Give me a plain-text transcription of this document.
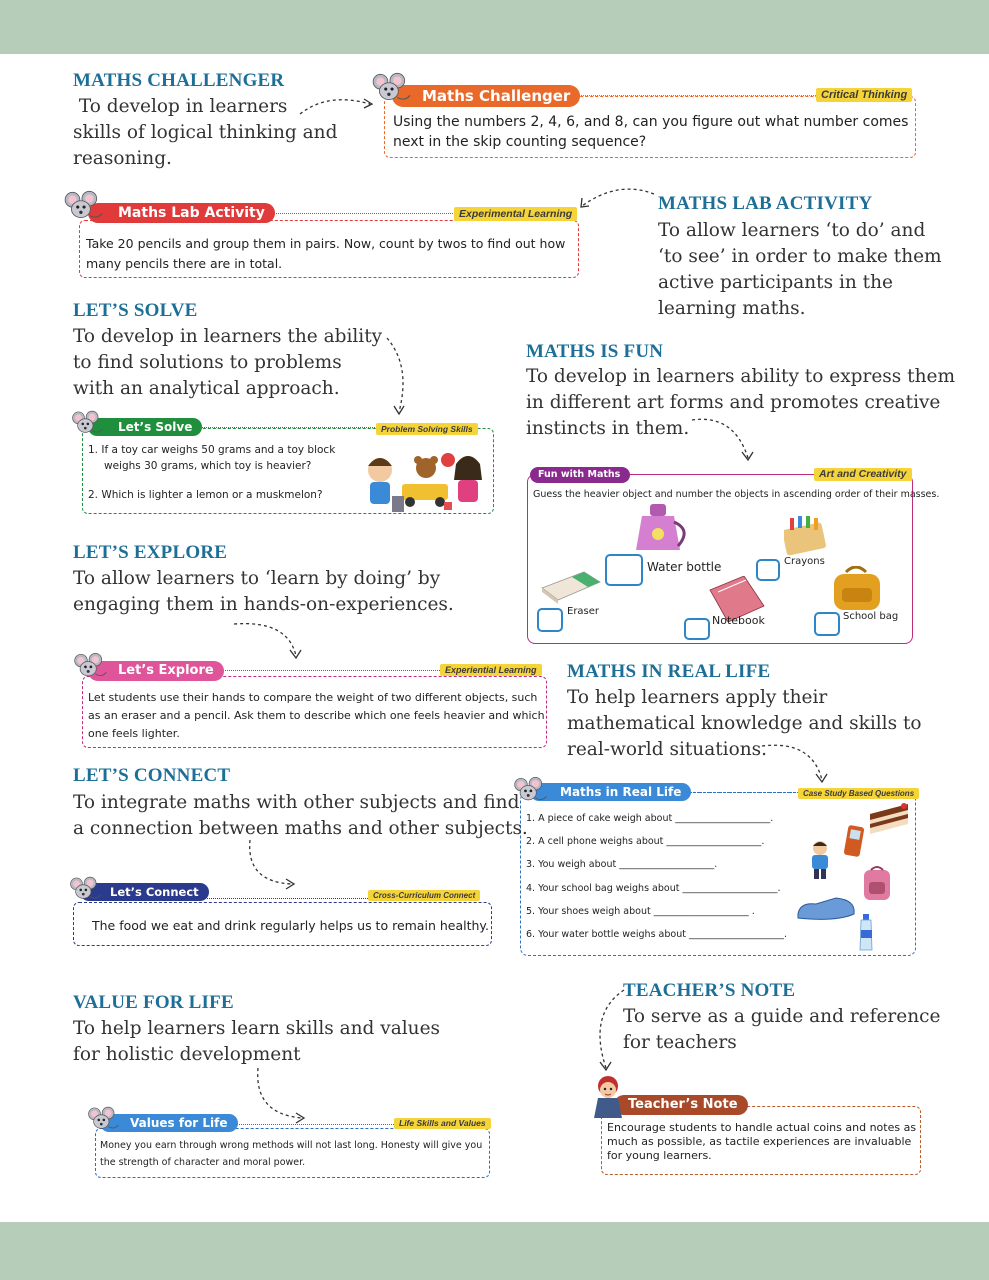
MATHS CHALLENGER
To develop in learners
skills of logical thinking and
reasoning.
Maths Challenger	Critical Thinking
Using the numbers 2, 4, 6, and 8, can you figure out what number comes next in the skip counting sequence?
MATHS LAB ACTIVITY
To allow learners ‘to do’ and
‘to see’ in order to make them
active participants in the
learning maths.
Maths Lab Activity	Experimental Learning
Take 20 pencils and group them in pairs. Now, count by twos to find out how many pencils there are in total.
LET’S SOLVE
To develop in learners the ability
to find solutions to problems
with an analytical approach.
Let’s Solve	Problem Solving Skills
1. If a toy car weighs 50 grams and a toy block
weighs 30 grams, which toy is heavier?
2. Which is lighter a lemon or a muskmelon?
MATHS IS FUN
To develop in learners ability to express them
in different art forms and promotes creative
instincts in them.
Fun with Maths	Art and Creativity
Guess the heavier object and number the objects in ascending order of their masses.
Water bottle	Crayons
Eraser
Notebook	School bag
LET’S EXPLORE
To allow learners to ‘learn by doing’ by
engaging them in hands-on-experiences.
Let’s Explore	Experiential Learning
Let students use their hands to compare the weight of two different objects, such as an eraser and a pencil. Ask them to describe which one feels heavier and which one feels lighter.
MATHS IN REAL LIFE
To help learners apply their
mathematical knowledge and skills to
real-world situations.
Maths in Real Life	Case Study Based Questions
1. A piece of cake weigh about ____________________.
2. A cell phone weighs about ____________________.
3. You weigh about ____________________.
4. Your school bag weighs about ____________________.
5. Your shoes weigh about ____________________ .
6. Your water bottle weighs about ____________________.
LET’S CONNECT
To integrate maths with other subjects and find
a connection between maths and other subjects.
Let’s Connect	Cross-Curriculum Connect
The food we eat and drink regularly helps us to remain healthy.
VALUE FOR LIFE
To help learners learn skills and values
for holistic development
Values for Life	Life Skills and Values
Money you earn through wrong methods will not last long. Honesty will give you the strength of character and moral power.
TEACHER’S NOTE
To serve as a guide and reference
for teachers
Teacher’s Note
Encourage students to handle actual coins and notes as much as possible, as tactile experiences are invaluable for young learners.
